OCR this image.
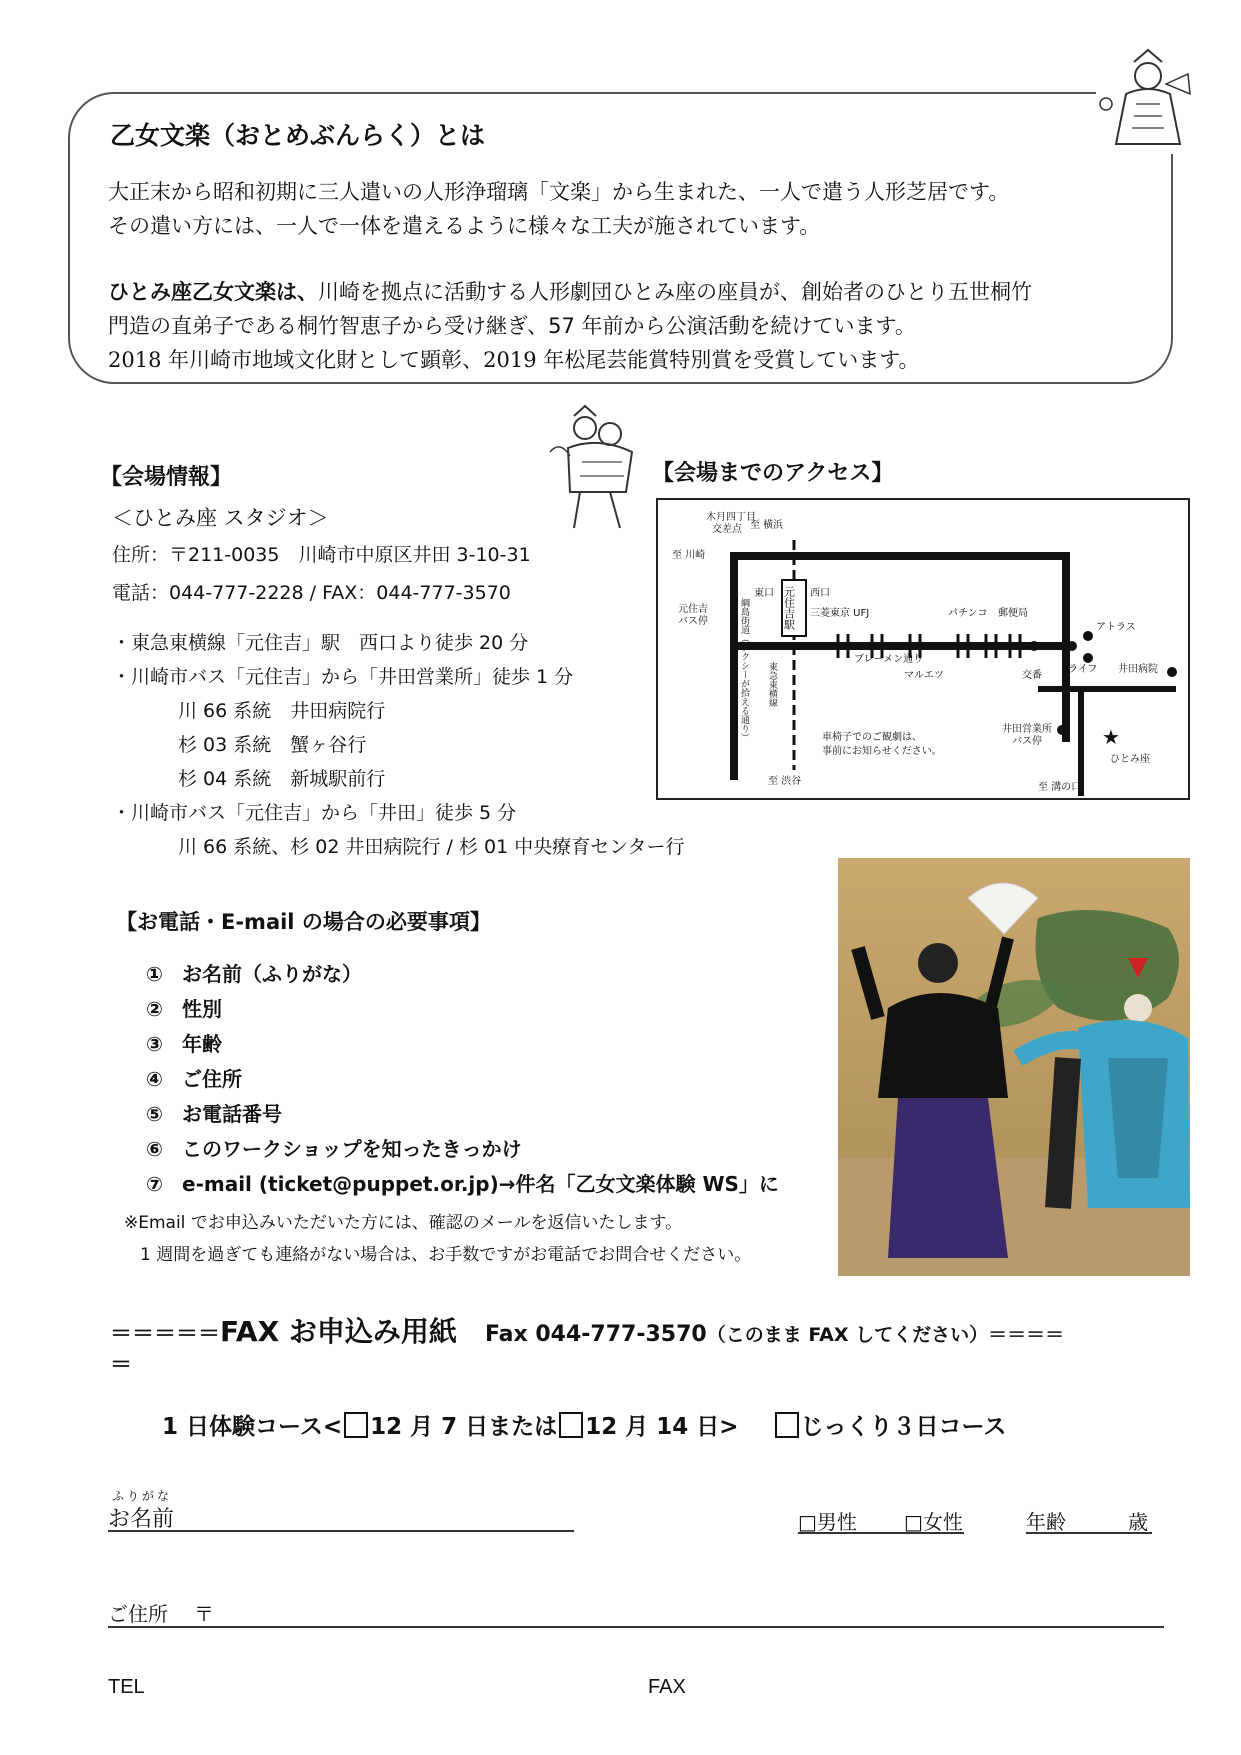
乙女文楽（おとめぶんらく）とは
大正末から昭和初期に三人遣いの人形浄瑠璃「文楽」から生まれた、一人で遣う人形芝居です。
その遣い方には、一人で一体を遣えるように様々な工夫が施されています。
ひとみ座乙女文楽は、川崎を拠点に活動する人形劇団ひとみ座の座員が、創始者のひとり五世桐竹
門造の直弟子である桐竹智恵子から受け継ぎ、57 年前から公演活動を続けています。
2018 年川崎市地域文化財として顕彰、2019 年松尾芸能賞特別賞を受賞しています。
【会場情報】
＜ひとみ座 スタジオ＞
住所：〒211-0035　川崎市中原区井田 3-10-31
電話：044-777-2228 / FAX：044-777-3570
・東急東横線「元住吉」駅　西口より徒歩 20 分
・川崎市バス「元住吉」から「井田営業所」徒歩 1 分
川 66 系統　井田病院行
杉 03 系統　蟹ヶ谷行
杉 04 系統　新城駅前行
・川崎市バス「元住吉」から「井田」徒歩 5 分
川 66 系統、杉 02 井田病院行 / 杉 01 中央療育センター行
【会場までのアクセス】
★
木月四丁目
交差点 至 横浜
至 川崎
東口	西口
元住吉
バス停
三菱東京 UFJ	パチンコ 郵便局
アトラス
ブレーメン通り
マルエツ	交番
ライフ 井田病院
車椅子でのご観劇は、
事前にお知らせください。
井田営業所
バス停
ひとみ座
至 渋谷
至 溝の口
綱島街道（タクシーが拾える通り） 東急東横線
元住吉駅
【お電話・E-mail の場合の必要事項】
① お名前（ふりがな）
② 性別
③ 年齢
④ ご住所
⑤ お電話番号
⑥ このワークショップを知ったきっかけ
⑦ e-mail (ticket@puppet.or.jp)→件名「乙女文楽体験 WS」に
※Email でお申込みいただいた方には、確認のメールを返信いたします。
1 週間を過ぎても連絡がない場合は、お手数ですがお電話でお問合せください。
＝＝＝＝＝FAX お申込み用紙 Fax 044-777-3570（このまま FAX してください）＝＝＝＝
＝
1 日体験コース< 12 月 7 日または 12 月 14 日>	じっくり３日コース
ふりがな
お名前	□男性 □女性	年齢	歳
ご住所 〒
TEL	FAX
